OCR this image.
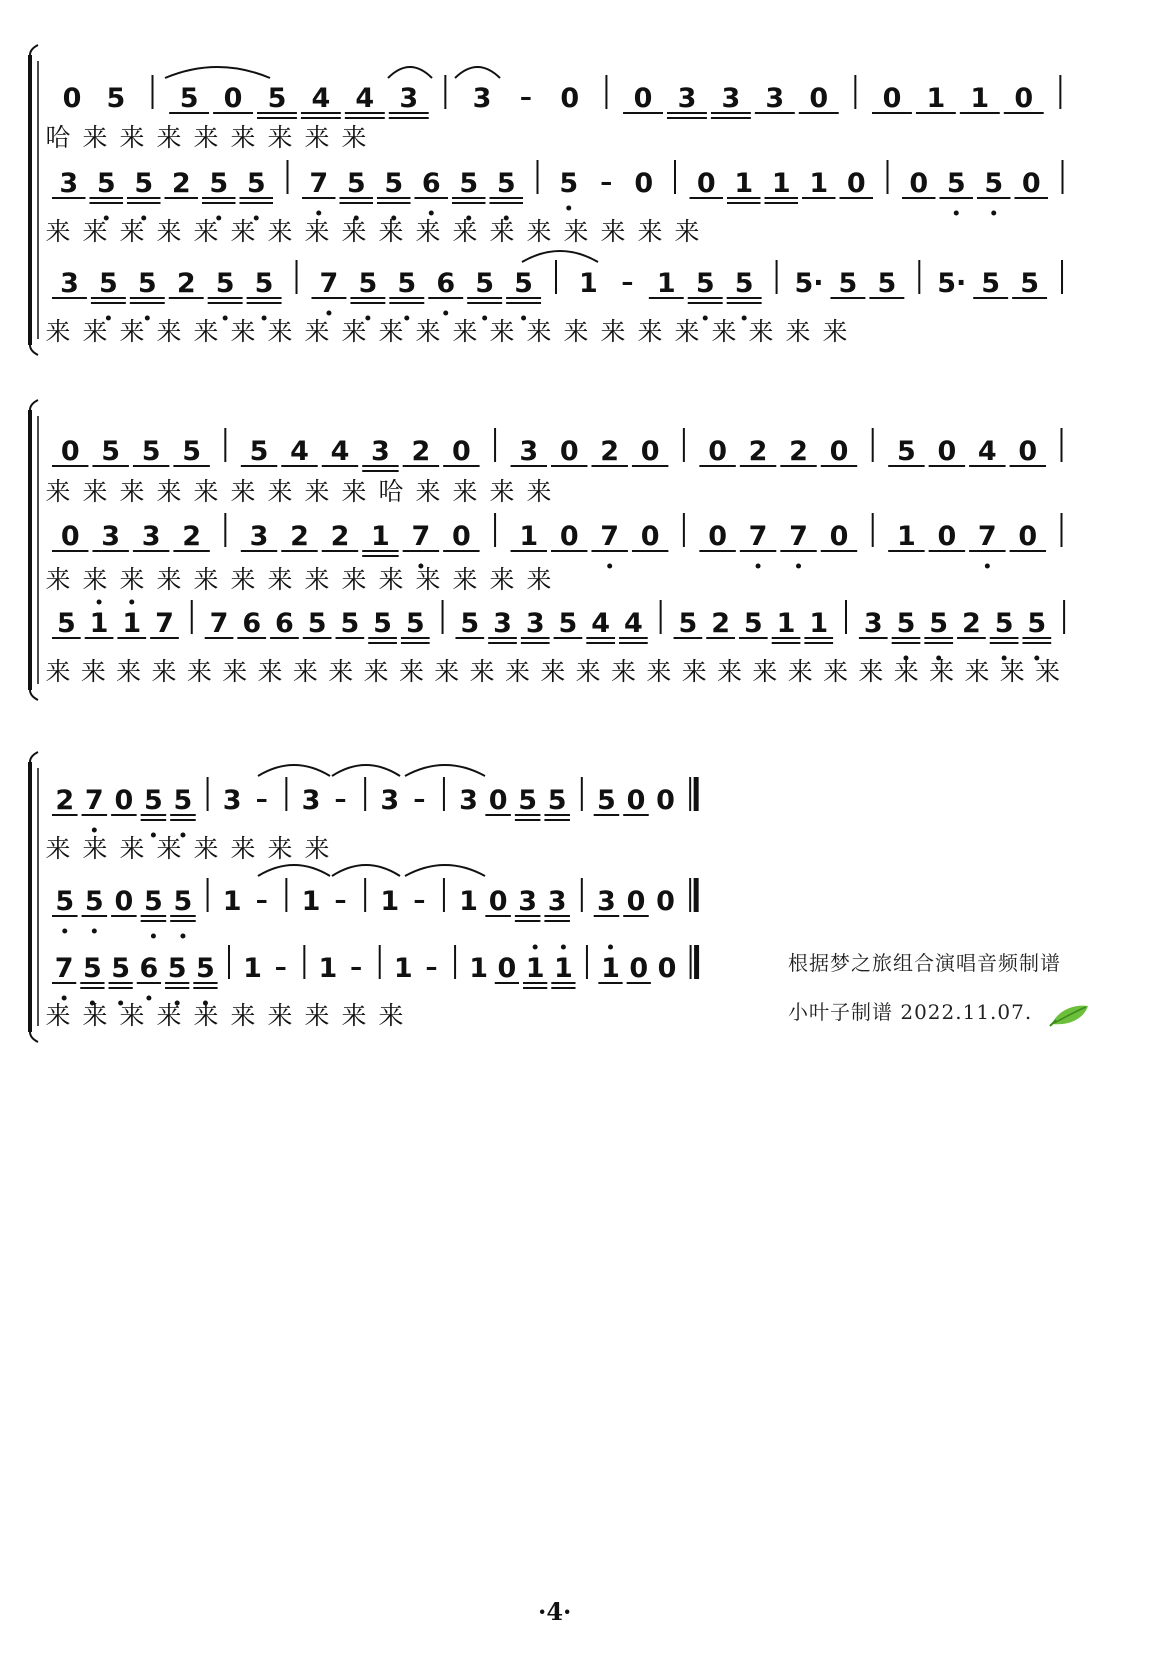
0 5 5 0 5 4 4 3 3 – 0 0 3 3 3 0 0 1 1 0
哈 来 来 来 来 来 来 来 来
3 5 5 2 5 5 7 5 5 6 5 5 5 – 0 0 1 1 1 0 0 5 5 0
来 来 来 来 来 来 来 来 来 来 来 来 来 来 来 来 来 来
3 5 5 2 5 5 7 5 5 6 5 5 1 – 1 5 5 5· 5 5 5· 5 5
来 来 来 来 来 来 来 来 来 来 来 来 来 来 来 来 来 来 来 来 来 来
0 5 5 5 5 4 4 3 2 0 3 0 2 0 0 2 2 0 5 0 4 0
来 来 来 来 来 来 来 来 来 哈 来 来 来 来
0 3 3 2 3 2 2 1 7 0 1 0 7 0 0 7 7 0 1 0 7 0
来 来 来 来 来 来 来 来 来 来 来 来 来 来
5 1 1 7 7 6 6 5 5 5 5 5 3 3 5 4 4 5 2 5 1 1 3 5 5 2 5 5
来 来 来 来 来 来 来 来 来 来 来 来 来 来 来 来 来 来 来 来 来 来 来 来 来 来 来 来 来
2 7 0 5 5 3 – 3 – 3 – 3 0 5 5 5 0 0
来 来 来 来 来 来 来 来
5 5 0 5 5 1 – 1 – 1 – 1 0 3 3 3 0 0
7 5 5 6 5 5 1 – 1 – 1 – 1 0 1 1 1 0 0
来 来 来 来 来 来 来 来 来 来
根据梦之旅组合演唱音频制谱
小叶子制谱 2022.11.07.
·4·
